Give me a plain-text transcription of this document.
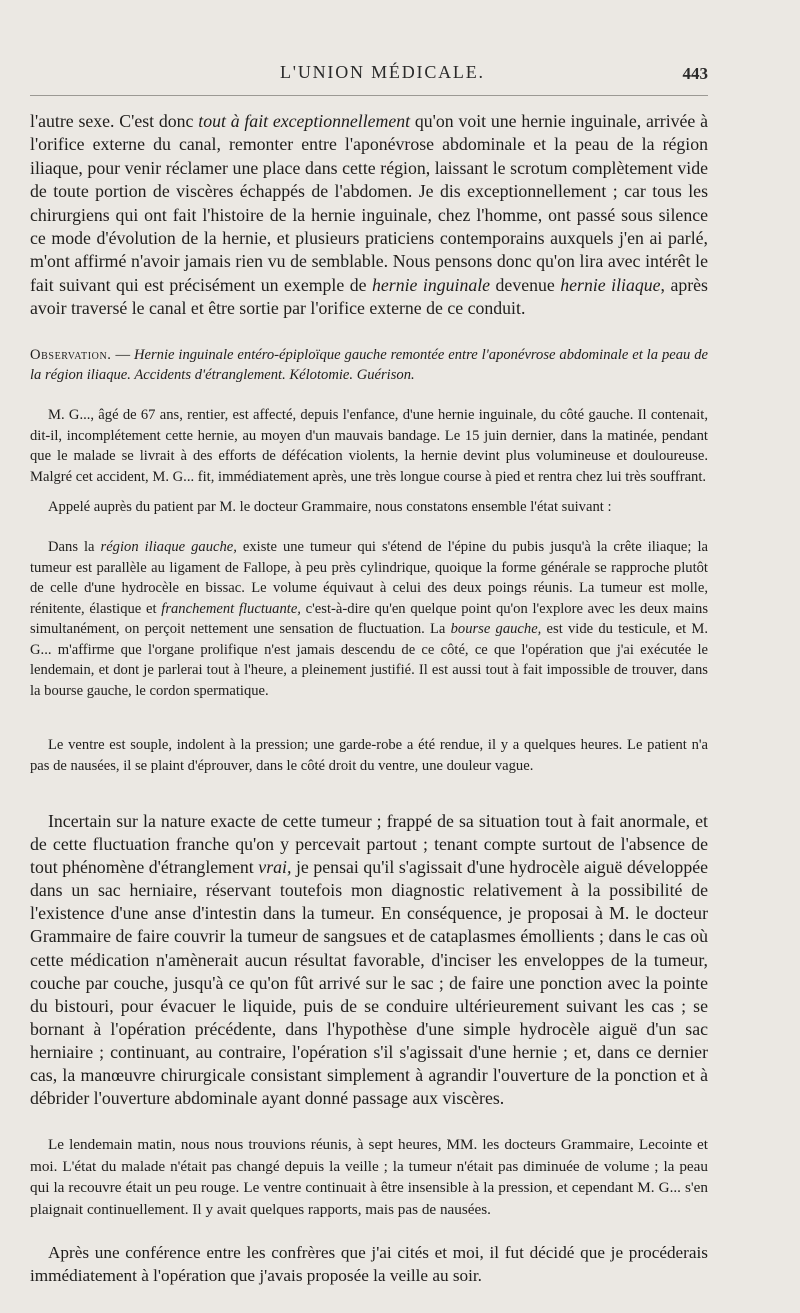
L'UNION MÉDICALE.	443

l'autre sexe. C'est donc tout à fait exceptionnellement qu'on voit une hernie inguinale, arrivée à l'orifice externe du canal, remonter entre l'aponévrose abdominale et la peau de la région iliaque, pour venir réclamer une place dans cette région, laissant le scrotum complètement vide de toute portion de viscères échappés de l'abdomen. Je dis exceptionnellement ; car tous les chirurgiens qui ont fait l'histoire de la hernie inguinale, chez l'homme, ont passé sous silence ce mode d'évolution de la hernie, et plusieurs praticiens contemporains auxquels j'en ai parlé, m'ont affirmé n'avoir jamais rien vu de semblable. Nous pensons donc qu'on lira avec intérêt le fait suivant qui est précisément un exemple de hernie inguinale devenue hernie iliaque, après avoir traversé le canal et être sortie par l'orifice externe de ce conduit.

Observation. — Hernie inguinale entéro-épiploïque gauche remontée entre l'aponévrose abdominale et la peau de la région iliaque. Accidents d'étranglement. Kélotomie. Guérison.

M. G..., âgé de 67 ans, rentier, est affecté, depuis l'enfance, d'une hernie inguinale, du côté gauche. Il contenait, dit-il, incomplétement cette hernie, au moyen d'un mauvais bandage. Le 15 juin dernier, dans la matinée, pendant que le malade se livrait à des efforts de défécation violents, la hernie devint plus volumineuse et douloureuse. Malgré cet accident, M. G... fit, immédiatement après, une très longue course à pied et rentra chez lui très souffrant.

Appelé auprès du patient par M. le docteur Grammaire, nous constatons ensemble l'état suivant :

Dans la région iliaque gauche, existe une tumeur qui s'étend de l'épine du pubis jusqu'à la crête iliaque; la tumeur est parallèle au ligament de Fallope, à peu près cylindrique, quoique la forme générale se rapproche plutôt de celle d'une hydrocèle en bissac. Le volume équivaut à celui des deux poings réunis. La tumeur est molle, rénitente, élastique et franchement fluctuante, c'est-à-dire qu'en quelque point qu'on l'explore avec les deux mains simultanément, on perçoit nettement une sensation de fluctuation. La bourse gauche, est vide du testicule, et M. G... m'affirme que l'organe prolifique n'est jamais descendu de ce côté, ce que l'opération que j'ai exécutée le lendemain, et dont je parlerai tout à l'heure, a pleinement justifié. Il est aussi tout à fait impossible de trouver, dans la bourse gauche, le cordon spermatique.

Le ventre est souple, indolent à la pression; une garde-robe a été rendue, il y a quelques heures. Le patient n'a pas de nausées, il se plaint d'éprouver, dans le côté droit du ventre, une douleur vague.

Incertain sur la nature exacte de cette tumeur ; frappé de sa situation tout à fait anormale, et de cette fluctuation franche qu'on y percevait partout ; tenant compte surtout de l'absence de tout phénomène d'étranglement vrai, je pensai qu'il s'agissait d'une hydrocèle aiguë développée dans un sac herniaire, réservant toutefois mon diagnostic relativement à la possibilité de l'existence d'une anse d'intestin dans la tumeur. En conséquence, je proposai à M. le docteur Grammaire de faire couvrir la tumeur de sangsues et de cataplasmes émollients ; dans le cas où cette médication n'amènerait aucun résultat favorable, d'inciser les enveloppes de la tumeur, couche par couche, jusqu'à ce qu'on fût arrivé sur le sac ; de faire une ponction avec la pointe du bistouri, pour évacuer le liquide, puis de se conduire ultérieurement suivant les cas ; se bornant à l'opération précédente, dans l'hypothèse d'une simple hydrocèle aiguë d'un sac herniaire ; continuant, au contraire, l'opération s'il s'agissait d'une hernie ; et, dans ce dernier cas, la manœuvre chirurgicale consistant simplement à agrandir l'ouverture de la ponction et à débrider l'ouverture abdominale ayant donné passage aux viscères.

Le lendemain matin, nous nous trouvions réunis, à sept heures, MM. les docteurs Grammaire, Lecointe et moi. L'état du malade n'était pas changé depuis la veille ; la tumeur n'était pas diminuée de volume ; la peau qui la recouvre était un peu rouge. Le ventre continuait à être insensible à la pression, et cependant M. G... s'en plaignait continuellement. Il y avait quelques rapports, mais pas de nausées.

Après une conférence entre les confrères que j'ai cités et moi, il fut décidé que je procéderais immédiatement à l'opération que j'avais proposée la veille au soir.
